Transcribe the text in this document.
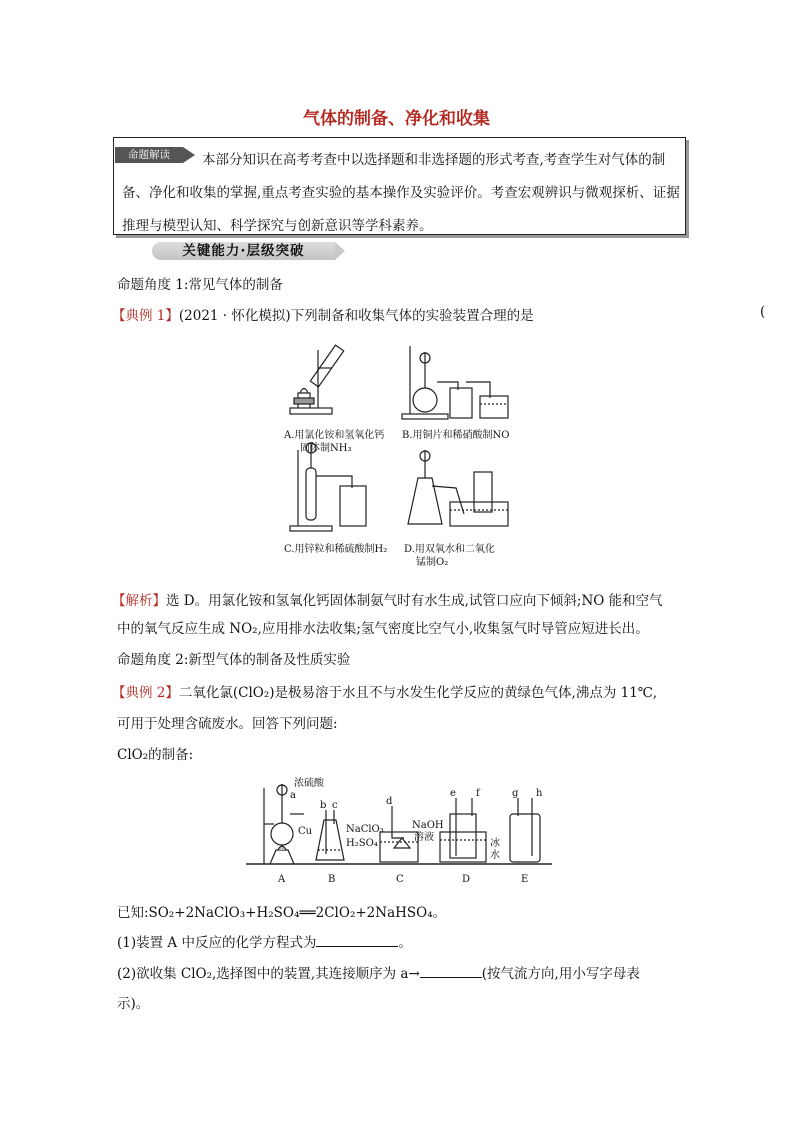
气体的制备、净化和收集
命题解读	本部分知识在高考考查中以选择题和非选择题的形式考查,考查学生对气体的制备、净化和收集的掌握,重点考查实验的基本操作及实验评价。考查宏观辨识与微观探析、证据推理与模型认知、科学探究与创新意识等学科素养。
关键能力·层级突破
命题角度 1:常见气体的制备
【典例 1】(2021 · 怀化模拟)下列制备和收集气体的实验装置合理的是	(
A.用氯化铵和氢氧化钙
固体制NH₃
B.用铜片和稀硝酸制NO
C.用锌粒和稀硫酸制H₂ D.用双氧水和二氧化
锰制O₂
【解析】选 D。用氯化铵和氢氧化钙固体制氨气时有水生成,试管口应向下倾斜;NO 能和空气
中的氧气反应生成 NO₂,应用排水法收集;氢气密度比空气小,收集氢气时导管应短进长出。
命题角度 2:新型气体的制备及性质实验
【典例 2】二氧化氯(ClO₂)是极易溶于水且不与水发生化学反应的黄绿色气体,沸点为 11℃,
可用于处理含硫废水。回答下列问题:
ClO₂的制备:
浓硫酸
a
Cu
b c
NaClO₃
H₂SO₄
d
NaOH
溶液
e f
冰
水
g h
A	B	C	D	E
已知:SO₂+2NaClO₃+H₂SO₄══2ClO₂+2NaHSO₄。
(1)装置 A 中反应的化学方程式为	。
(2)欲收集 ClO₂,选择图中的装置,其连接顺序为 a→	(按气流方向,用小写字母表
示)。
